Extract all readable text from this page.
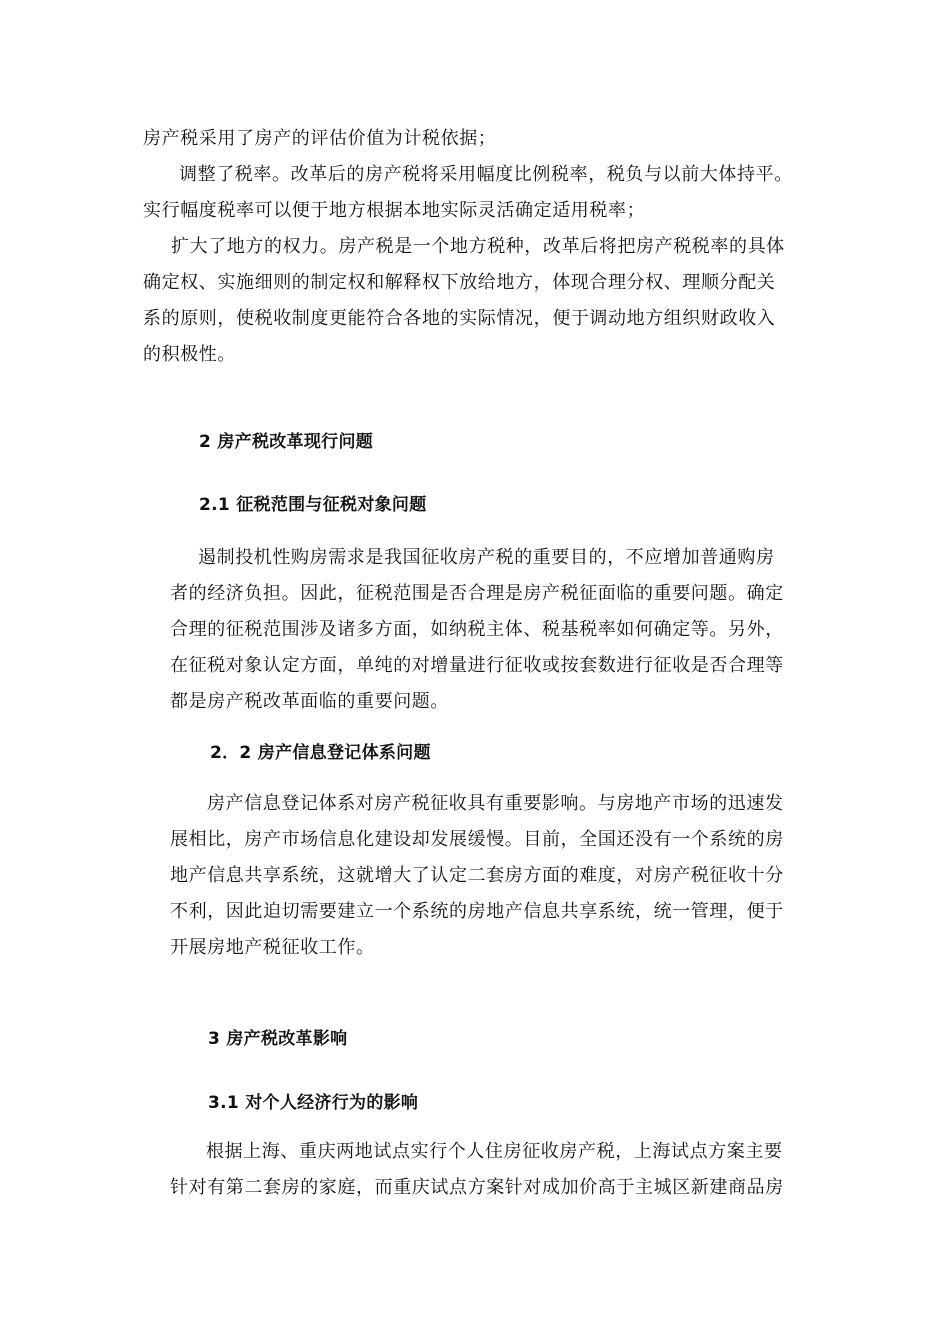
房产税采用了房产的评估价值为计税依据；
调整了税率。改革后的房产税将采用幅度比例税率，税负与以前大体持平。
实行幅度税率可以便于地方根据本地实际灵活确定适用税率；
扩大了地方的权力。房产税是一个地方税种，改革后将把房产税税率的具体
确定权、实施细则的制定权和解释权下放给地方，体现合理分权、理顺分配关
系的原则，使税收制度更能符合各地的实际情况，便于调动地方组织财政收入
的积极性。
2 房产税改革现行问题
2.1 征税范围与征税对象问题
遏制投机性购房需求是我国征收房产税的重要目的，不应增加普通购房
者的经济负担。因此，征税范围是否合理是房产税征面临的重要问题。确定
合理的征税范围涉及诸多方面，如纳税主体、税基税率如何确定等。另外，
在征税对象认定方面，单纯的对增量进行征收或按套数进行征收是否合理等
都是房产税改革面临的重要问题。
2．2 房产信息登记体系问题
房产信息登记体系对房产税征收具有重要影响。与房地产市场的迅速发
展相比，房产市场信息化建设却发展缓慢。目前，全国还没有一个系统的房
地产信息共享系统，这就增大了认定二套房方面的难度，对房产税征收十分
不利，因此迫切需要建立一个系统的房地产信息共享系统，统一管理，便于
开展房地产税征收工作。
3 房产税改革影响
3.1 对个人经济行为的影响
根据上海、重庆两地试点实行个人住房征收房产税，上海试点方案主要
针对有第二套房的家庭，而重庆试点方案针对成加价高于主城区新建商品房
